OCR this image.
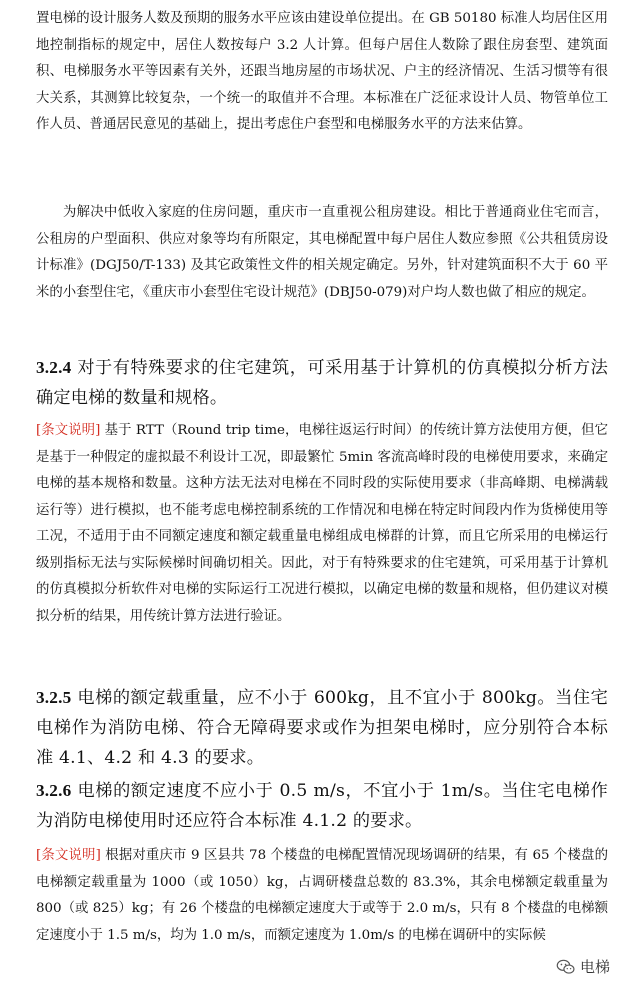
置电梯的设计服务人数及预期的服务水平应该由建设单位提出。在 GB 50180 标准人均居住区用地控制指标的规定中，居住人数按每户 3.2 人计算。但每户居住人数除了跟住房套型、建筑面积、电梯服务水平等因素有关外，还跟当地房屋的市场状况、户主的经济情况、生活习惯等有很大关系，其测算比较复杂，一个统一的取值并不合理。本标准在广泛征求设计人员、物管单位工作人员、普通居民意见的基础上，提出考虑住户套型和电梯服务水平的方法来估算。

为解决中低收入家庭的住房问题，重庆市一直重视公租房建设。相比于普通商业住宅而言，公租房的户型面积、供应对象等均有所限定，其电梯配置中每户居住人数应参照《公共租赁房设计标准》(DGJ50/T-133) 及其它政策性文件的相关规定确定。另外，针对建筑面积不大于 60 平米的小套型住宅，《重庆市小套型住宅设计规范》(DBJ50-079)对户均人数也做了相应的规定。

3.2.4 对于有特殊要求的住宅建筑，可采用基于计算机的仿真模拟分析方法确定电梯的数量和规格。

[条文说明] 基于 RTT（Round trip time，电梯往返运行时间）的传统计算方法使用方便，但它是基于一种假定的虚拟最不利设计工况，即最繁忙 5min 客流高峰时段的电梯使用要求，来确定电梯的基本规格和数量。这种方法无法对电梯在不同时段的实际使用要求（非高峰期、电梯满载运行等）进行模拟，也不能考虑电梯控制系统的工作情况和电梯在特定时间段内作为货梯使用等工况，不适用于由不同额定速度和额定载重量电梯组成电梯群的计算，而且它所采用的电梯运行级别指标无法与实际候梯时间确切相关。因此，对于有特殊要求的住宅建筑，可采用基于计算机的仿真模拟分析软件对电梯的实际运行工况进行模拟，以确定电梯的数量和规格，但仍建议对模拟分析的结果，用传统计算方法进行验证。

3.2.5 电梯的额定载重量，应不小于 600kg，且不宜小于 800kg。当住宅电梯作为消防电梯、符合无障碍要求或作为担架电梯时，应分别符合本标准 4.1、4.2 和 4.3 的要求。

3.2.6 电梯的额定速度不应小于 0.5 m/s，不宜小于 1m/s。当住宅电梯作为消防电梯使用时还应符合本标准 4.1.2 的要求。

[条文说明] 根据对重庆市 9 区县共 78 个楼盘的电梯配置情况现场调研的结果，有 65 个楼盘的电梯额定载重量为 1000（或 1050）kg，占调研楼盘总数的 83.3%，其余电梯额定载重量为 800（或 825）kg；有 26 个楼盘的电梯额定速度大于或等于 2.0 m/s，只有 8 个楼盘的电梯额定速度小于 1.5 m/s，均为 1.0 m/s，而额定速度为 1.0m/s 的电梯在调研中的实际候

电梯
